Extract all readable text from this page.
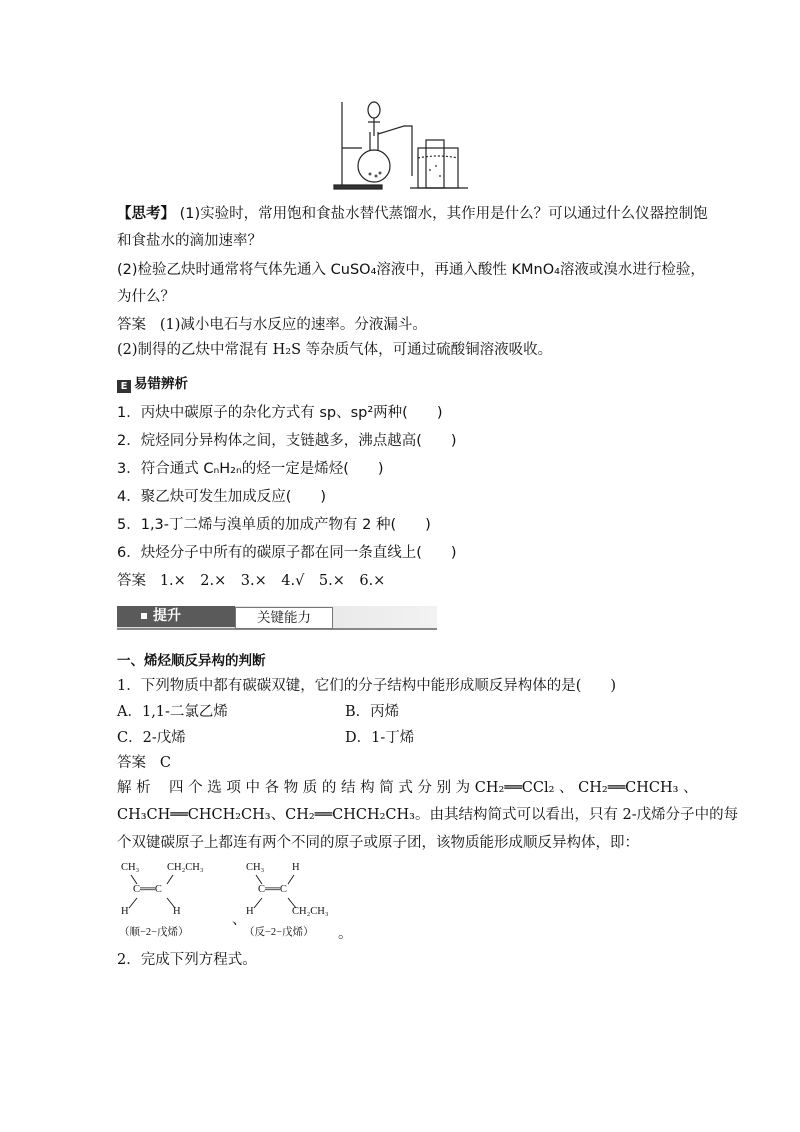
【思考】 (1)实验时，常用饱和食盐水替代蒸馏水，其作用是什么？可以通过什么仪器控制饱
和食盐水的滴加速率？
(2)检验乙炔时通常将气体先通入 CuSO₄溶液中，再通入酸性 KMnO₄溶液或溴水进行检验，
为什么？
答案 (1)减小电石与水反应的速率。分液漏斗。
(2)制得的乙炔中常混有 H₂S 等杂质气体，可通过硫酸铜溶液吸收。
E 易错辨析
1．丙炔中碳原子的杂化方式有 sp、sp²两种(　　)
2．烷烃同分异构体之间，支链越多，沸点越高(　　)
3．符合通式 CₙH₂ₙ的烃一定是烯烃(　　)
4．聚乙炔可发生加成反应(　　)
5．1,3-丁二烯与溴单质的加成产物有 2 种(　　)
6．炔烃分子中所有的碳原子都在同一条直线上(　　)
答案 1.×　2.×　3.×　4.√　5.×　6.×
提升	关键能力
一、烯烃顺反异构的判断
1．下列物质中都有碳碳双键，它们的分子结构中能形成顺反异构体的是(　　)
A．1,1-二氯乙烯	B．丙烯
C．2-戊烯	D．1-丁烯
答案 C
解 析 四 个 选 项 中 各 物 质 的 结 构 简 式 分 别 为 CH₂══CCl₂ 、 CH₂══CHCH₃ 、
CH₃CH══CHCH₂CH₃、CH₂══CHCH₂CH₃。由其结构简式可以看出，只有 2-戊烯分子中的每
个双键碳原子上都连有两个不同的原子或原子团，该物质能形成顺反异构体，即：
CH₃	CH₂CH₃
C══C
H	H
（顺−2−戊烯）
、
CH₃	H
C══C
H	CH₂CH₃
（反−2−戊烯） 。
2．完成下列方程式。
